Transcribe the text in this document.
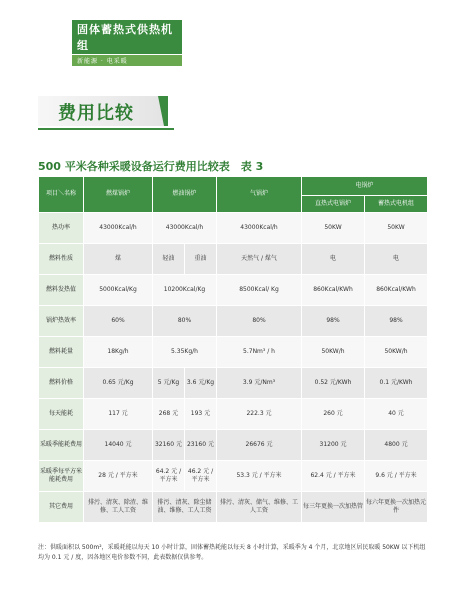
固体蓄热式供热机组
新能源 · 电采暖
费用比较
500 平米各种采暖设备运行费用比较表　表 3
项目＼名称	燃煤锅炉	燃油锅炉		气锅炉	电锅炉	
					直热式电锅炉	蓄热式电机组
热功率	43000Kcal/h	43000Kcal/h		43000Kcal/h	50KW	50KW
燃料性质	煤	轻油	重油	天然气 / 煤气	电	电
燃料发热值	5000Kcal/Kg	10200Kcal/Kg		8500Kcal/ Kg	860Kcal/KWh	860Kcal/KWh
锅炉热效率	60%	80%		80%	98%	98%
燃料耗量	18Kg/h	5.35Kg/h		5.7Nm³ / h	50KW/h	50KW/h
燃料价格	0.65 元/Kg	5 元/Kg	3.6 元/Kg	3.9 元/Nm³	0.52 元/KWh	0.1 元/KWh
每天能耗	117 元	268 元	193 元	222.3 元	260 元	40 元
采暖季能耗费用	14040 元	32160 元	23160 元	26676 元	31200 元	4800 元
采暖季每平方米能耗费用	28 元 / 平方米	64.2 元 / 平方米	46.2 元 / 平方米	53.3 元 / 平方米	62.4 元 / 平方米	9.6 元 / 平方米
其它费用	排污、清灰、除渣、维修、工人工资	排污、清灰、除尘储油、维修、工人工资		排污、清灰、储气、维修、工人工资	每三年更换一次加热管	每六年更换一次加热元件
注：供暖面积以 500m²，采暖耗能以每天 10 小时计算，固体蓄热耗能以每天 8 小时计算，采暖季为 4 个月，北京地区居民取暖 50KW 以下机组均为 0.1 元 / 度，因各地区电价参数不同，此表数据仅供参考。
